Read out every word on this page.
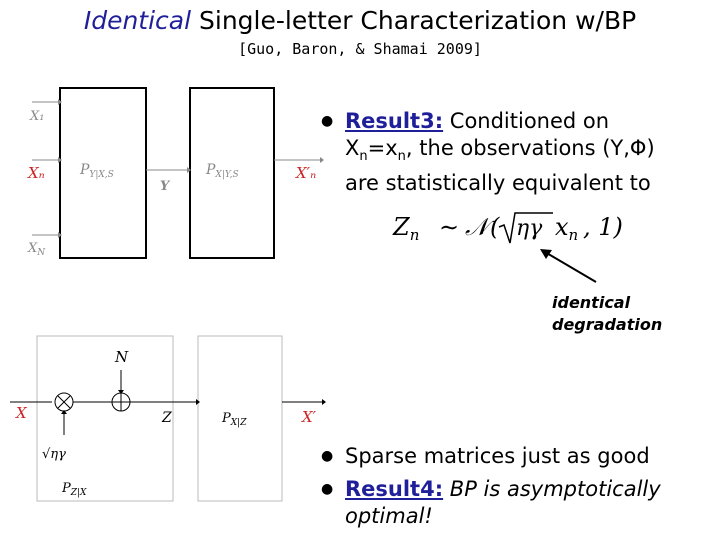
Identical Single-letter Characterization w/BP
[Guo, Baron, & Shamai 2009]
X₁
Xₙ
$X_N$
$P_{Y|X,S}$
Y
$P_{X|Y,S}$	X′ₙ
● Result3: Conditioned on
$X_n=x_n$, the observations (Y,Φ)
are statistically equivalent to
$Z_n$ ∼ 𝒩 ( ηγ $x_n$ , 1)
identical
degradation
X
N
√ηγ
Z
$P_{Z|X}$
$P_{X|Z}$	X′
● Sparse matrices just as good
● Result4: BP is asymptotically
optimal!
